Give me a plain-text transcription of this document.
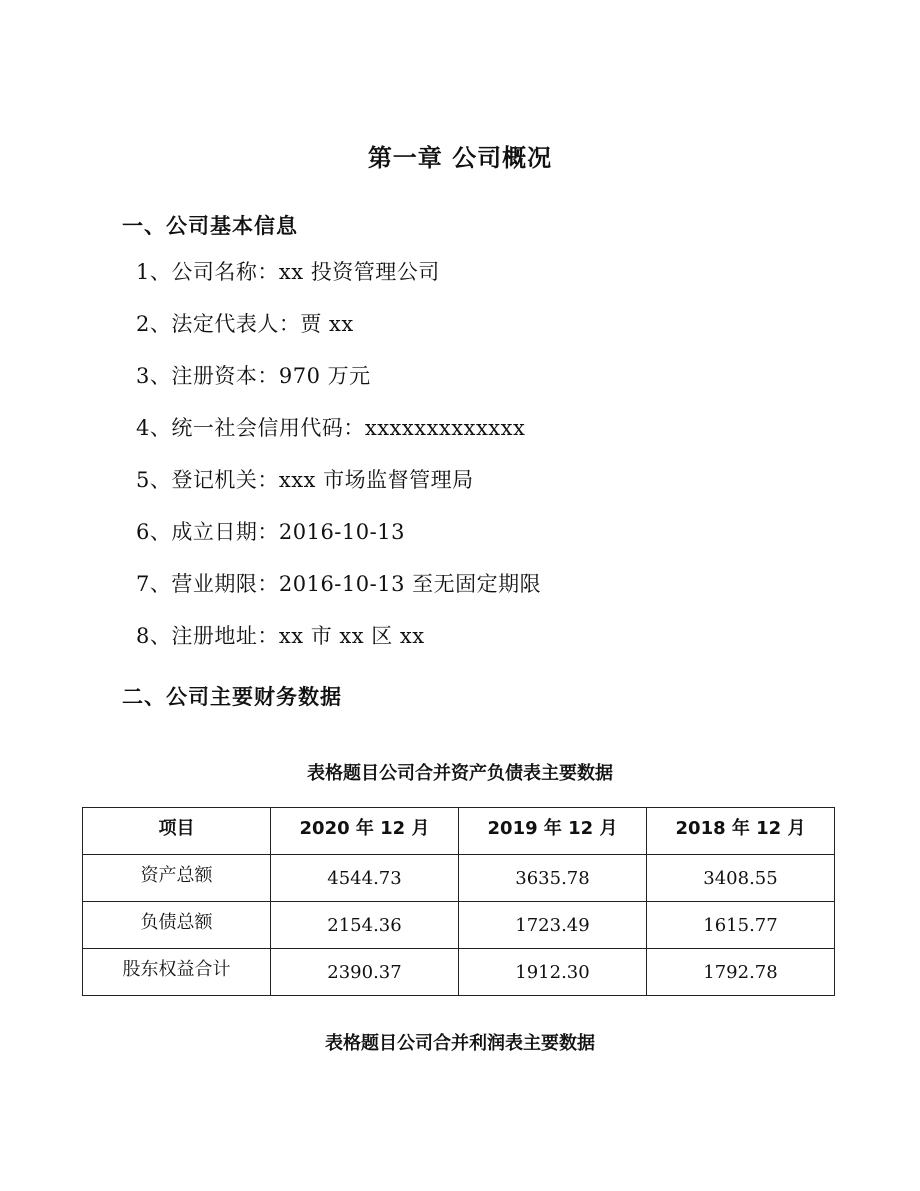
第一章 公司概况
一、公司基本信息
1、公司名称：xx 投资管理公司
2、法定代表人：贾 xx
3、注册资本：970 万元
4、统一社会信用代码：xxxxxxxxxxxxx
5、登记机关：xxx 市场监督管理局
6、成立日期：2016-10-13
7、营业期限：2016-10-13 至无固定期限
8、注册地址：xx 市 xx 区 xx
二、公司主要财务数据
表格题目公司合并资产负债表主要数据
项目	2020 年 12 月	2019 年 12 月	2018 年 12 月
资产总额	4544.73	3635.78	3408.55
负债总额	2154.36	1723.49	1615.77
股东权益合计	2390.37	1912.30	1792.78
表格题目公司合并利润表主要数据
